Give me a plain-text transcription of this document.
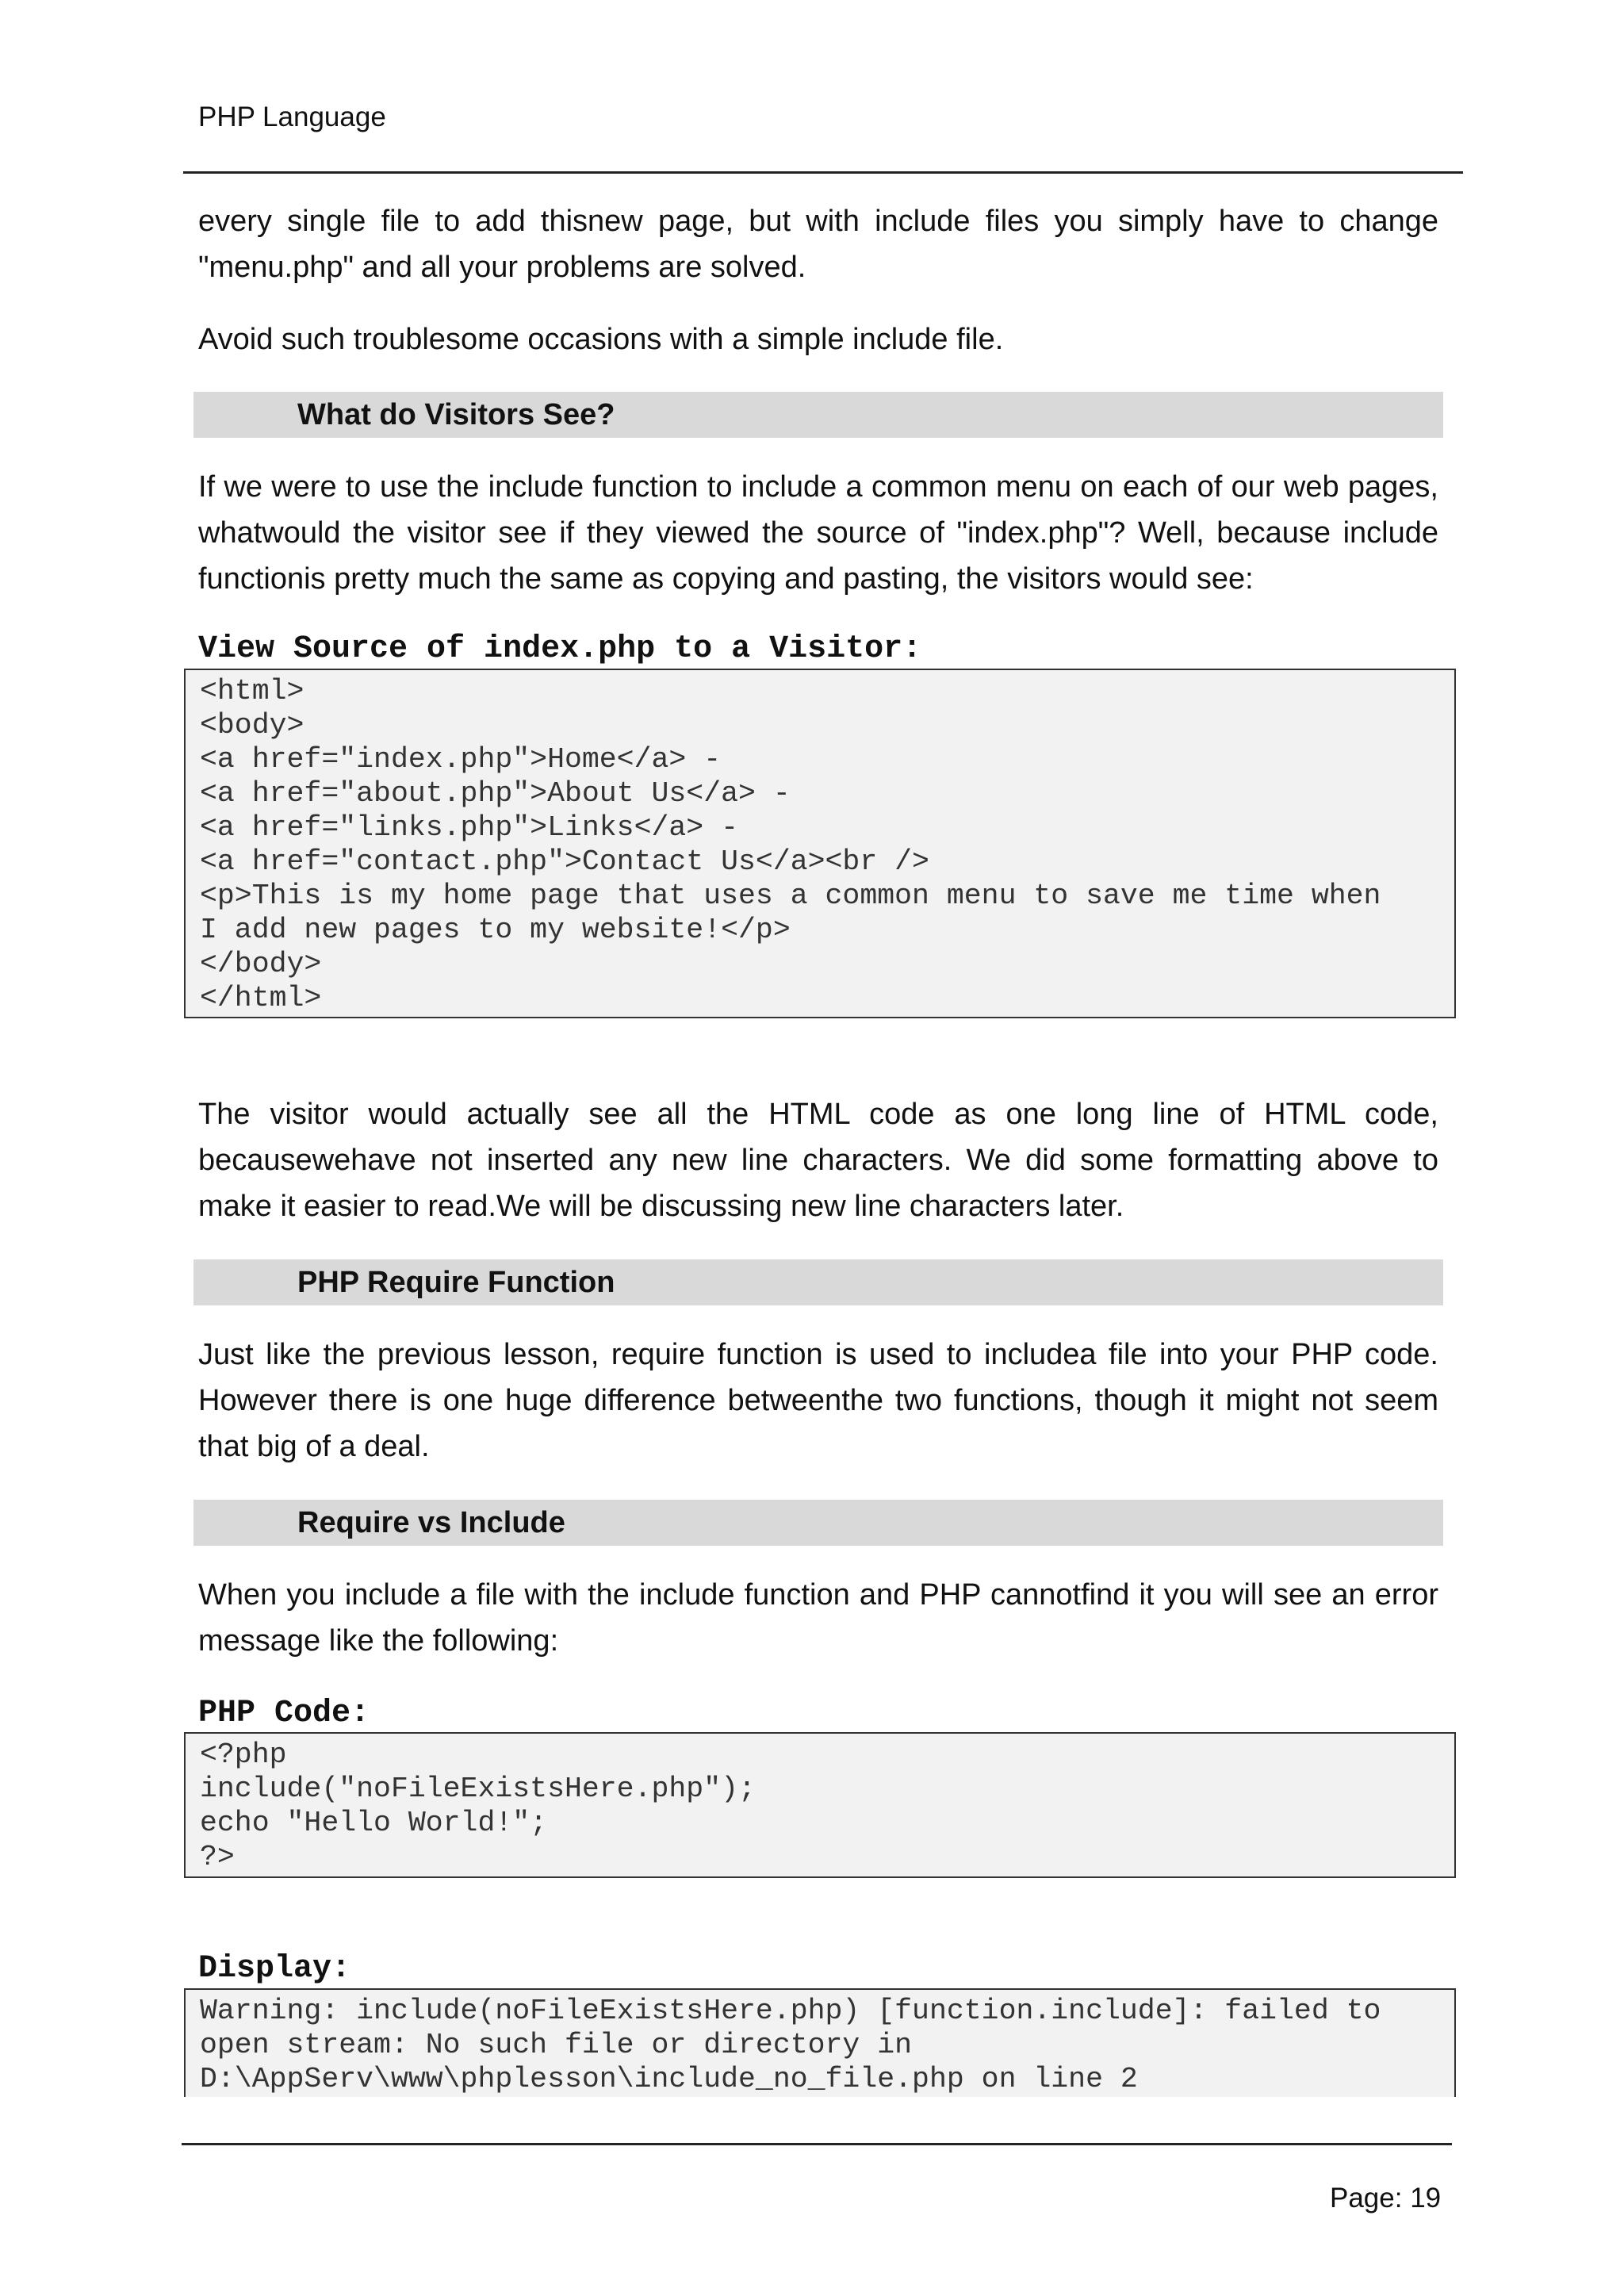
PHP Language

every single file to add thisnew page, but with include files you simply have to change "menu.php" and all your problems are solved.

Avoid such troublesome occasions with a simple include file.

What do Visitors See?

If we were to use the include function to include a common menu on each of our web pages, whatwould the visitor see if they viewed the source of "index.php"? Well, because include functionis pretty much the same as copying and pasting, the visitors would see:

View Source of index.php to a Visitor:
<html>
<body>
<a href="index.php">Home</a> -
<a href="about.php">About Us</a> -
<a href="links.php">Links</a> -
<a href="contact.php">Contact Us</a><br />
<p>This is my home page that uses a common menu to save me time when
I add new pages to my website!</p>
</body>
</html>

The visitor would actually see all the HTML code as one long line of HTML code, becausewehave not inserted any new line characters. We did some formatting above to make it easier to read.We will be discussing new line characters later.

PHP Require Function

Just like the previous lesson, require function is used to includea file into your PHP code. However there is one huge difference betweenthe two functions, though it might not seem that big of a deal.

Require vs Include

When you include a file with the include function and PHP cannotfind it you will see an error message like the following:

PHP Code:
<?php
include("noFileExistsHere.php");
echo "Hello World!";
?>
Display:
Warning: include(noFileExistsHere.php) [function.include]: failed to
open stream: No such file or directory in
D:\AppServ\www\phplesson\include_no_file.php on line 2
Page: 19
